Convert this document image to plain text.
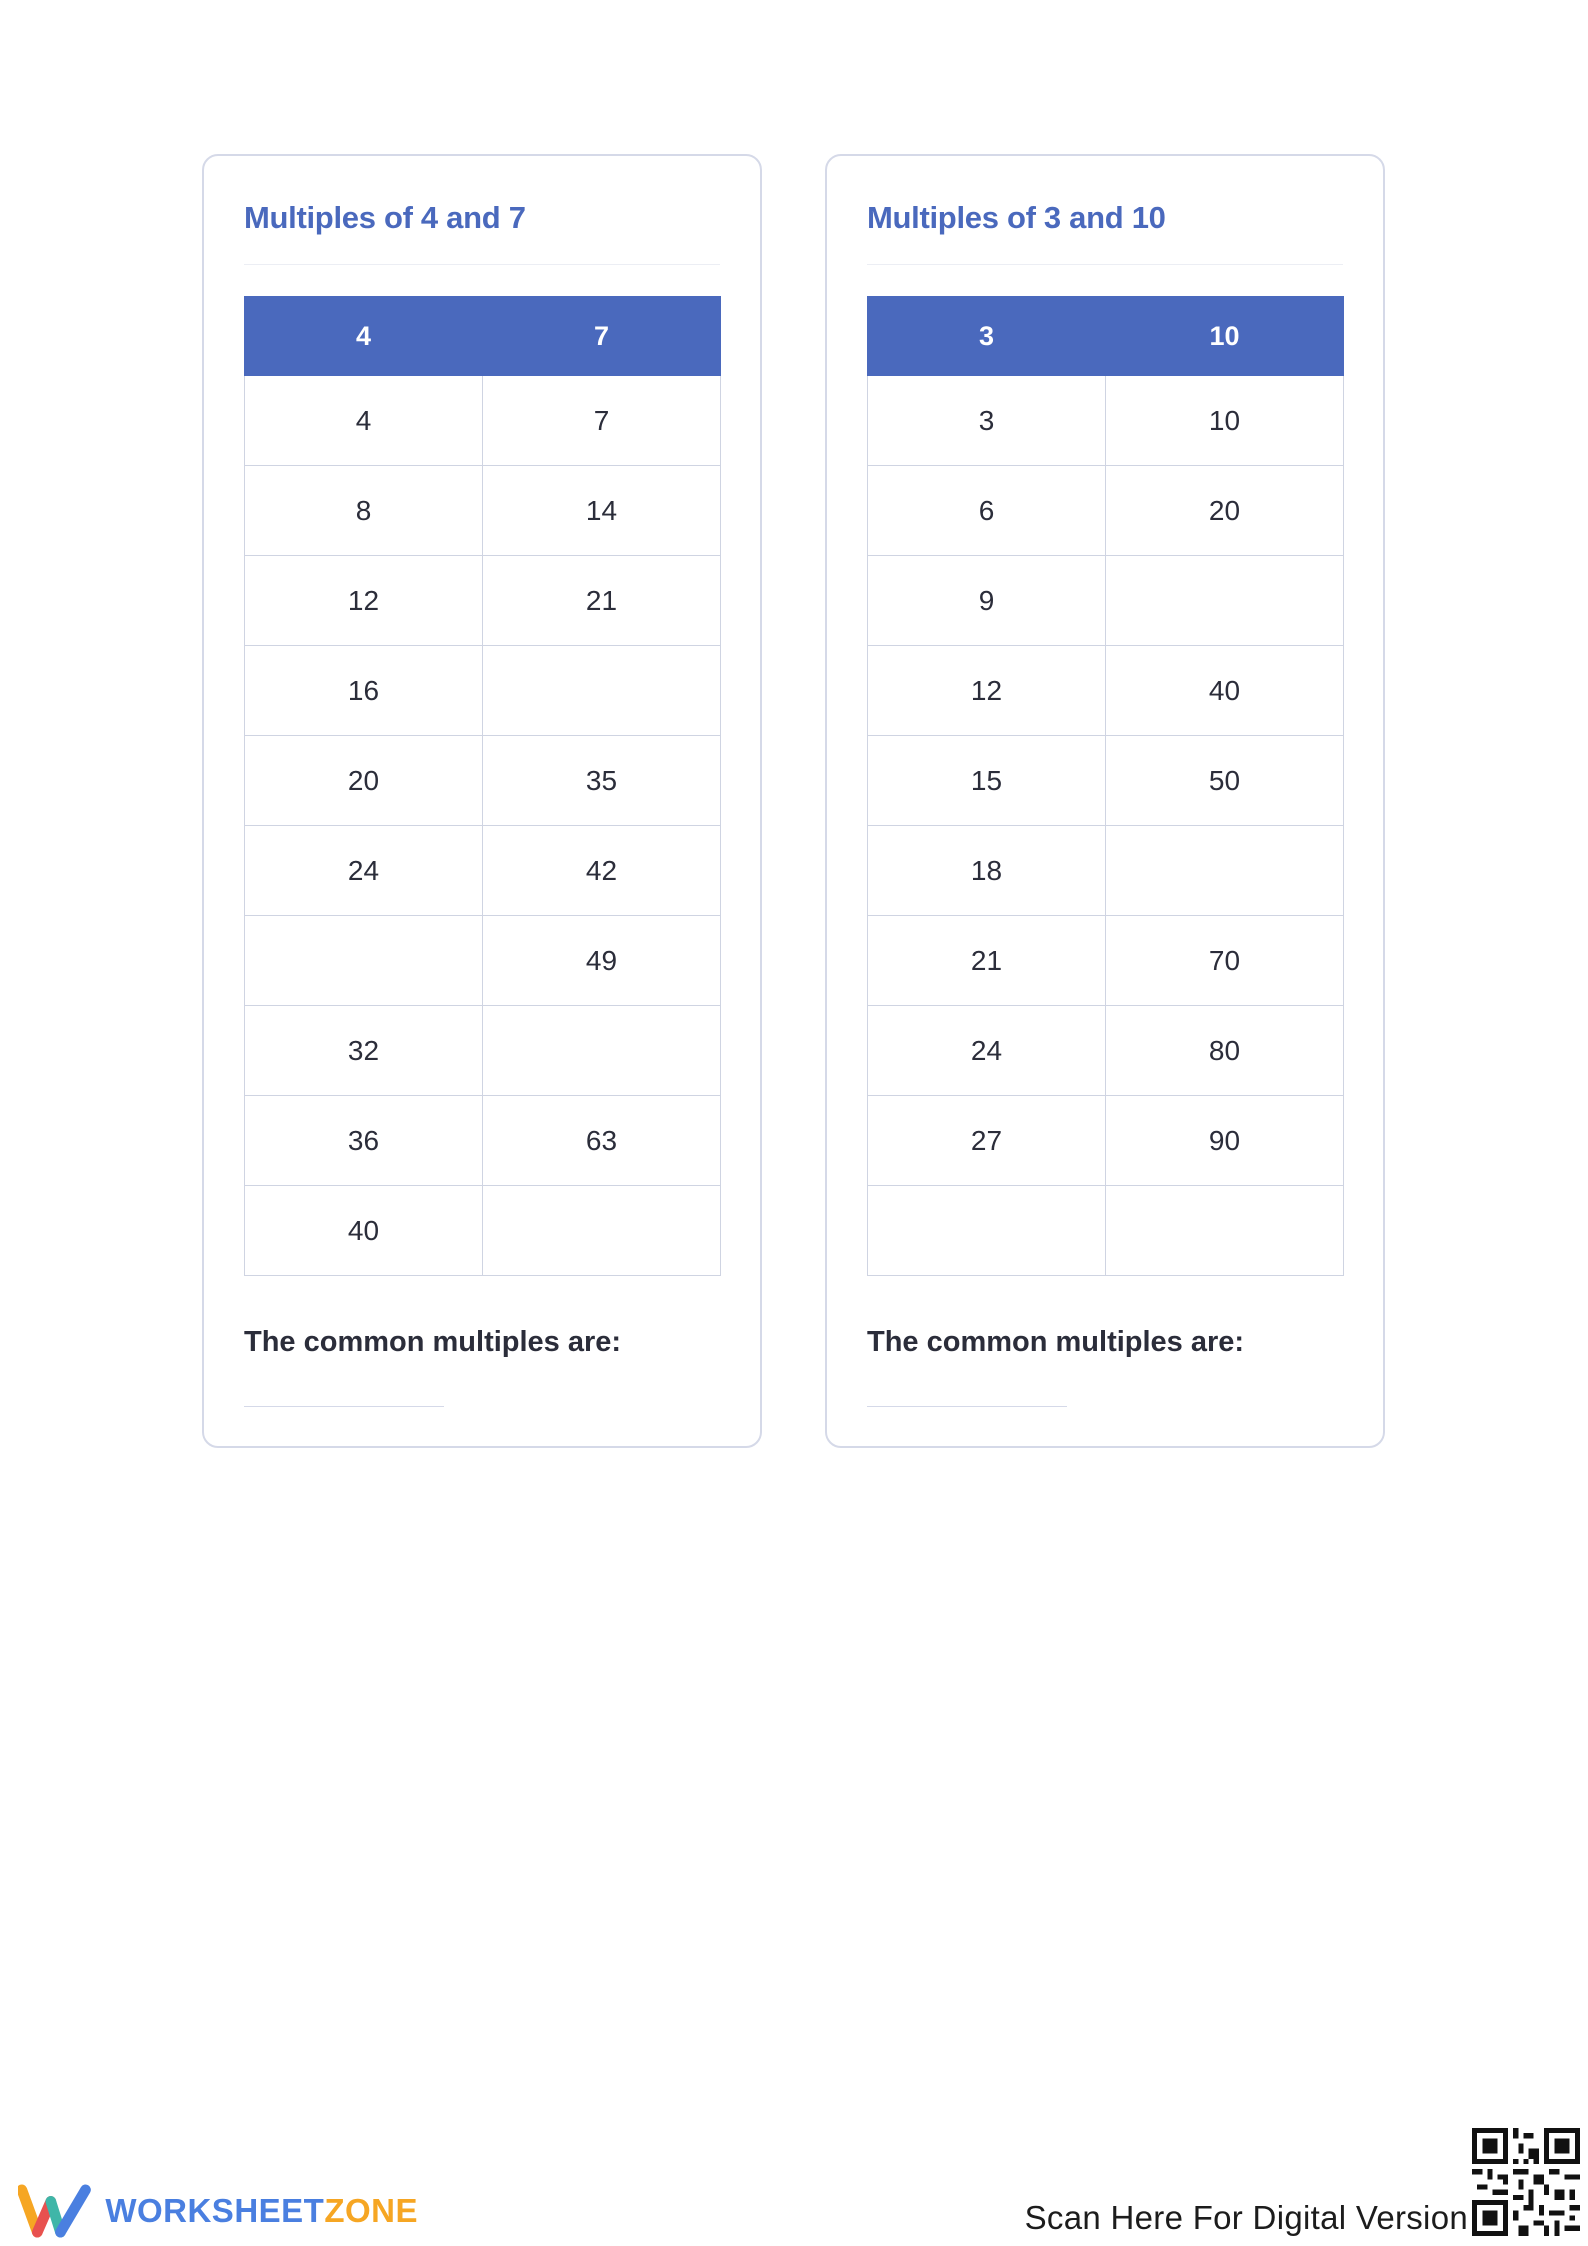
Multiples of 4 and 7
4	7
4	7
8	14
12	21
16	
20	35
24	42
	49
32	
36	63
40	
The common multiples are:
Multiples of 3 and 10
3	10
3	10
6	20
9	
12	40
15	50
18	
21	70
24	80
27	90

The common multiples are:
WORKSHEETZONE	Scan Here For Digital Version
